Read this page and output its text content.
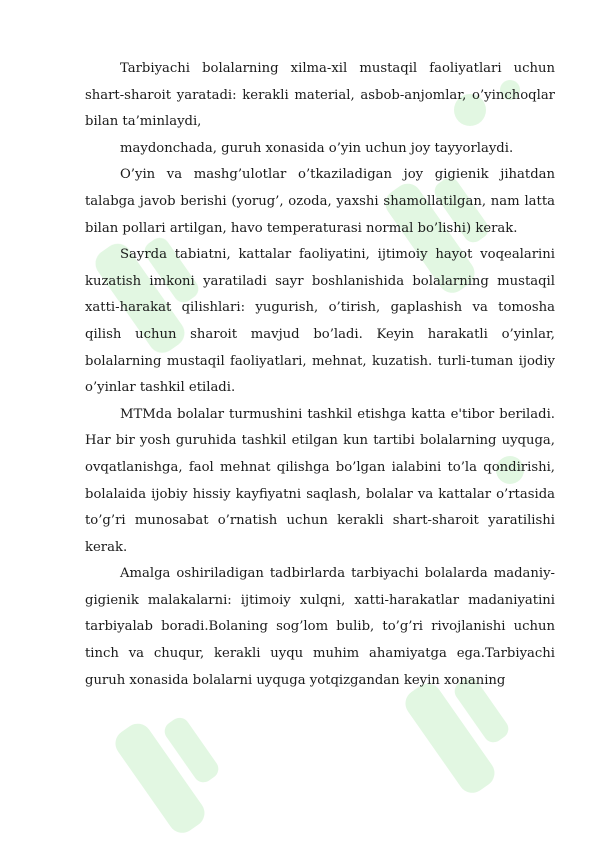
Tarbiyachi bolalarning xilma-xil mustaqil faoliyatlari uchun shart-sharoit yaratadi: kerakli material, asbob-anjomlar, o’yinchoqlar bilan ta’minlaydi,

maydonchada, guruh xonasida o’yin uchun joy tayyorlaydi.

O’yin va mashg’ulotlar o’tkaziladigan joy gigienik jihatdan talabga javob berishi (yorug’, ozoda, yaxshi shamollatilgan, nam latta bilan pollari artilgan, havo temperaturasi normal bo’lishi) kerak.

Sayrda tabiatni, kattalar faoliyatini, ijtimoiy hayot voqealarini kuzatish imkoni yaratiladi sayr boshlanishida bolalarning mustaqil xatti-harakat qilishlari: yugurish, o’tirish, gaplashish va tomosha qilish uchun sharoit mavjud bo’ladi. Keyin harakatli o’yinlar, bolalarning mustaqil faoliyatlari, mehnat, kuzatish. turli-tuman ijodiy o’yinlar tashkil etiladi.

MTMda bolalar turmushini tashkil etishga katta e'tibor beriladi. Har bir yosh guruhida tashkil etilgan kun tartibi bolalarning uyquga, ovqatlanishga, faol mehnat qilishga bo’lgan ialabini to’la qondirishi, bolalaida ijobiy hissiy kayfiyatni saqlash, bolalar va kattalar o’rtasida to’g’ri munosabat o’rnatish uchun kerakli shart-sharoit yaratilishi kerak.

Amalga oshiriladigan tadbirlarda tarbiyachi bolalarda madaniy-gigienik malakalarni: ijtimoiy xulqni, xatti-harakatlar madaniyatini tarbiyalab boradi.Bolaning sog’lom bulib, to’g’ri rivojlanishi uchun tinch va chuqur, kerakli uyqu muhim ahamiyatga ega.Tarbiyachi guruh xonasida bolalarni uyquga yotqizgandan keyin xonaning
